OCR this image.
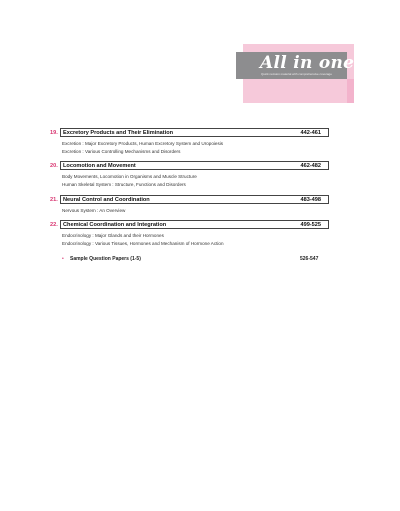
All in one
Quick revision material with comprehensive coverage
19. Excretory Products and Their Elimination	442-461
Excretion : Major Excretory Products, Human Excretory System and Uropoiesis
Excretion : Various Controlling Mechanisms and Disorders
20. Locomotion and Movement	462-482
Body Movements, Locomotion in Organisms and Muscle Structure
Human Skeletal System : Structure, Functions and Disorders
21. Neural Control and Coordination	483-498
Nervous System : An Overview
22. Chemical Coordination and Integration	499-525
Endocrinology : Major Glands and their Hormones
Endocrinology : Various Tissues, Hormones and Mechanism of Hormone Action
• Sample Question Papers (1-5)	526-547
